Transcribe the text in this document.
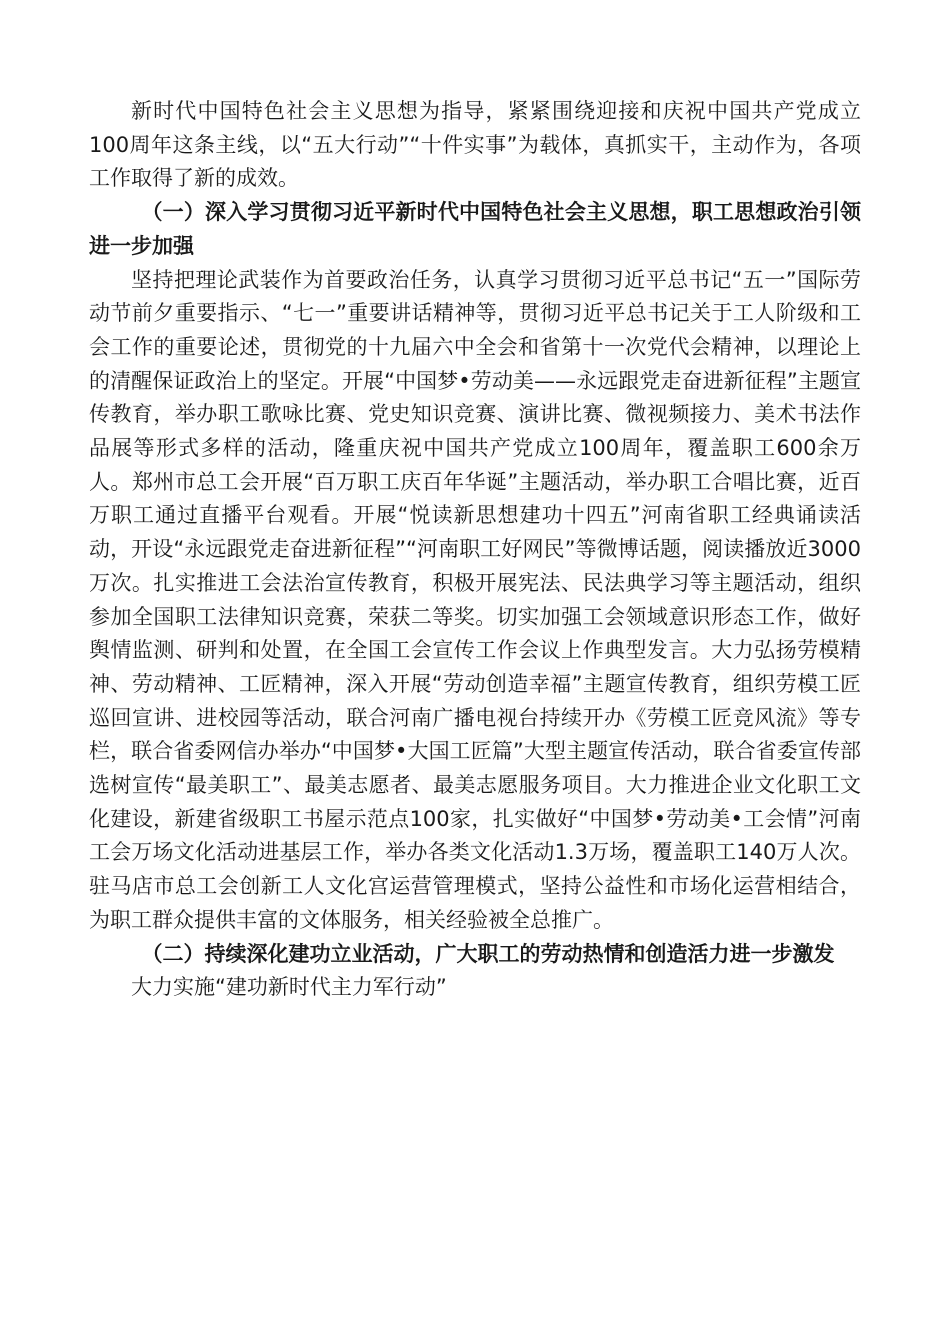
新时代中国特色社会主义思想为指导，紧紧围绕迎接和庆祝中国共产党成立100周年这条主线，以“五大行动”“十件实事”为载体，真抓实干，主动作为，各项工作取得了新的成效。

（一）深入学习贯彻习近平新时代中国特色社会主义思想，职工思想政治引领进一步加强

坚持把理论武装作为首要政治任务，认真学习贯彻习近平总书记“五一”国际劳动节前夕重要指示、“七一”重要讲话精神等，贯彻习近平总书记关于工人阶级和工会工作的重要论述，贯彻党的十九届六中全会和省第十一次党代会精神，以理论上的清醒保证政治上的坚定。开展“中国梦•劳动美——永远跟党走奋进新征程”主题宣传教育，举办职工歌咏比赛、党史知识竞赛、演讲比赛、微视频接力、美术书法作品展等形式多样的活动，隆重庆祝中国共产党成立100周年，覆盖职工600余万人。郑州市总工会开展“百万职工庆百年华诞”主题活动，举办职工合唱比赛，近百万职工通过直播平台观看。开展“悦读新思想建功十四五”河南省职工经典诵读活动，开设“永远跟党走奋进新征程”“河南职工好网民”等微博话题，阅读播放近3000万次。扎实推进工会法治宣传教育，积极开展宪法、民法典学习等主题活动，组织参加全国职工法律知识竞赛，荣获二等奖。切实加强工会领域意识形态工作，做好舆情监测、研判和处置，在全国工会宣传工作会议上作典型发言。大力弘扬劳模精神、劳动精神、工匠精神，深入开展“劳动创造幸福”主题宣传教育，组织劳模工匠巡回宣讲、进校园等活动，联合河南广播电视台持续开办《劳模工匠竞风流》等专栏，联合省委网信办举办“中国梦•大国工匠篇”大型主题宣传活动，联合省委宣传部选树宣传“最美职工”、最美志愿者、最美志愿服务项目。大力推进企业文化职工文化建设，新建省级职工书屋示范点100家，扎实做好“中国梦•劳动美•工会情”河南工会万场文化活动进基层工作，举办各类文化活动1.3万场，覆盖职工140万人次。驻马店市总工会创新工人文化宫运营管理模式，坚持公益性和市场化运营相结合，为职工群众提供丰富的文体服务，相关经验被全总推广。

（二）持续深化建功立业活动，广大职工的劳动热情和创造活力进一步激发

大力实施“建功新时代主力军行动”
